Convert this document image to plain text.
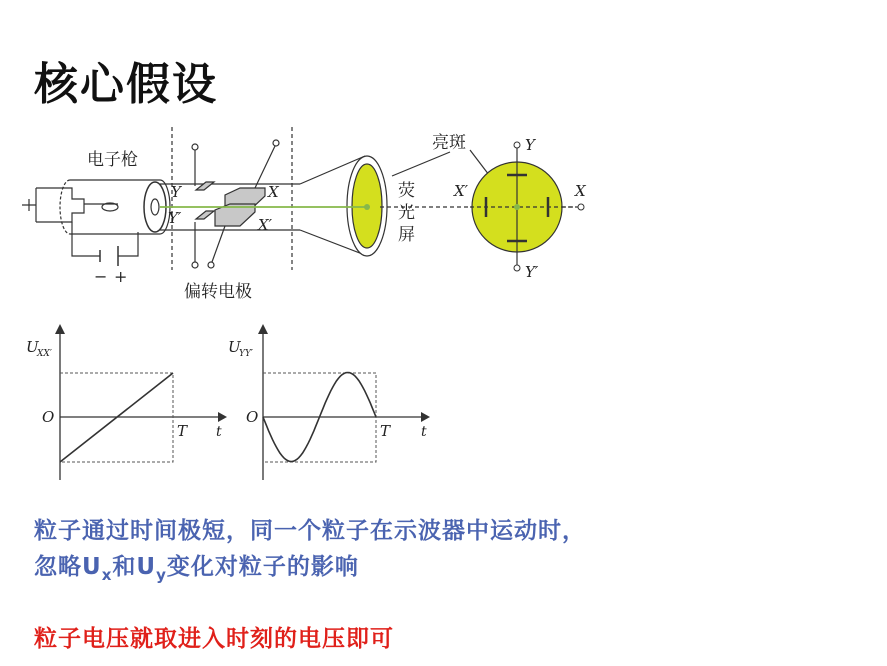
核心假设
电子枪
偏转电极
亮斑
荧
光
屏
− +
Y
Y′
X
X′
Y
Y′
X′	X
U
XX′
O
T t
U
YY′
O
T t
粒子通过时间极短，同一个粒子在示波器中运动时，
忽略$U_x$和$U_y$变化对粒子的影响
粒子电压就取进入时刻的电压即可
